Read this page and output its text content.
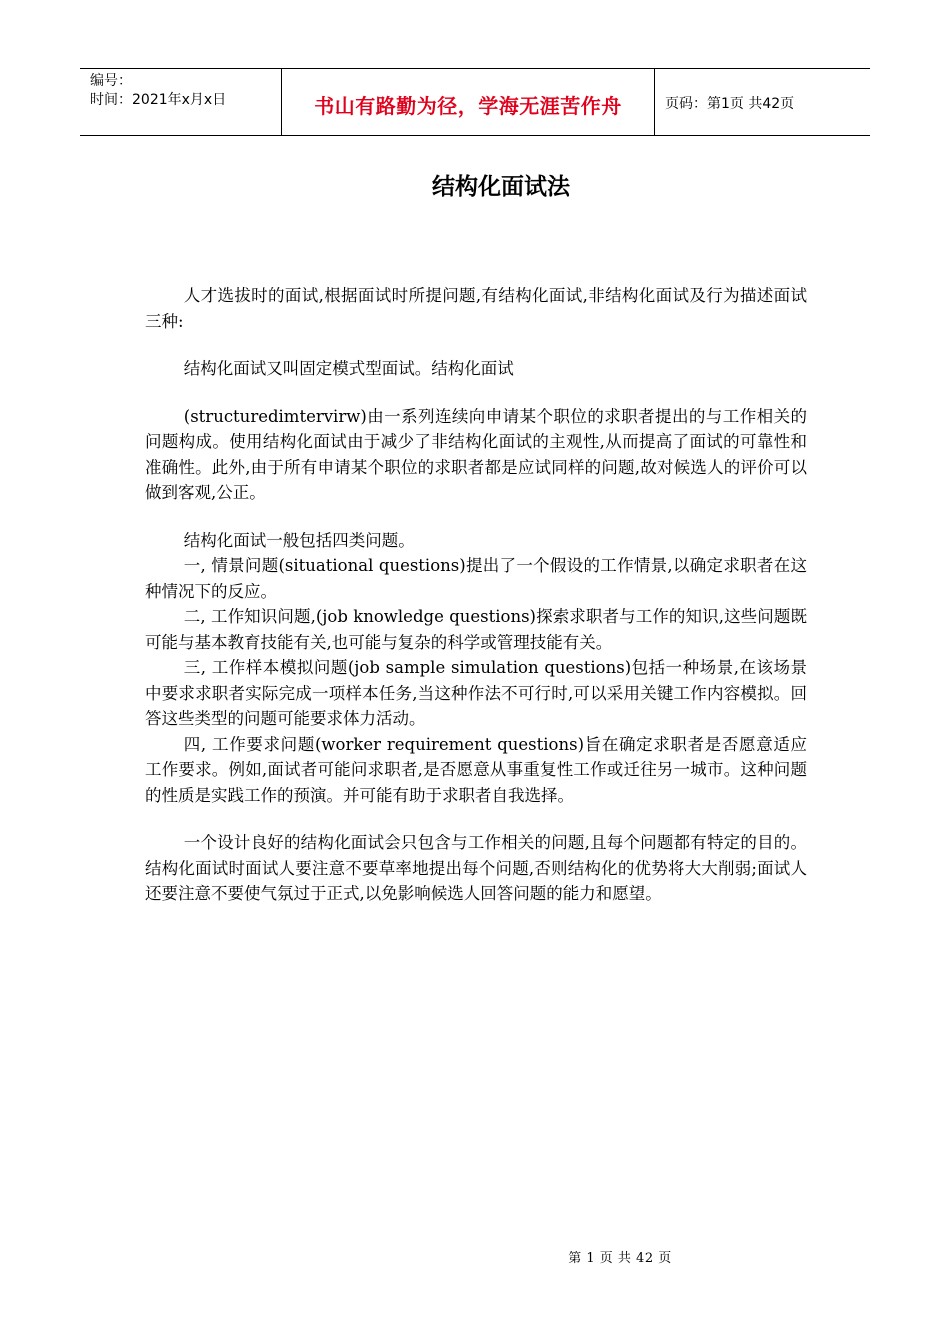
编号：
时间：2021年x月x日	书山有路勤为径，学海无涯苦作舟	页码：第1页 共42页
结构化面试法

人才选拔时的面试,根据面试时所提问题,有结构化面试,非结构化面试及行为描述面试三种:

结构化面试又叫固定模式型面试。结构化面试

(structuredimtervirw)由一系列连续向申请某个职位的求职者提出的与工作相关的问题构成。使用结构化面试由于减少了非结构化面试的主观性,从而提高了面试的可靠性和准确性。此外,由于所有申请某个职位的求职者都是应试同样的问题,故对候选人的评价可以做到客观,公正。

结构化面试一般包括四类问题。

一, 情景问题(situational questions)提出了一个假设的工作情景,以确定求职者在这种情况下的反应。

二, 工作知识问题,(job knowledge questions)探索求职者与工作的知识,这些问题既可能与基本教育技能有关,也可能与复杂的科学或管理技能有关。

三, 工作样本模拟问题(job sample simulation questions)包括一种场景,在该场景中要求求职者实际完成一项样本任务,当这种作法不可行时,可以采用关键工作内容模拟。回答这些类型的问题可能要求体力活动。

四, 工作要求问题(worker requirement questions)旨在确定求职者是否愿意适应工作要求。例如,面试者可能问求职者,是否愿意从事重复性工作或迁往另一城市。这种问题的性质是实践工作的预演。并可能有助于求职者自我选择。

一个设计良好的结构化面试会只包含与工作相关的问题,且每个问题都有特定的目的。结构化面试时面试人要注意不要草率地提出每个问题,否则结构化的优势将大大削弱;面试人还要注意不要使气氛过于正式,以免影响候选人回答问题的能力和愿望。

第 1 页 共 42 页
